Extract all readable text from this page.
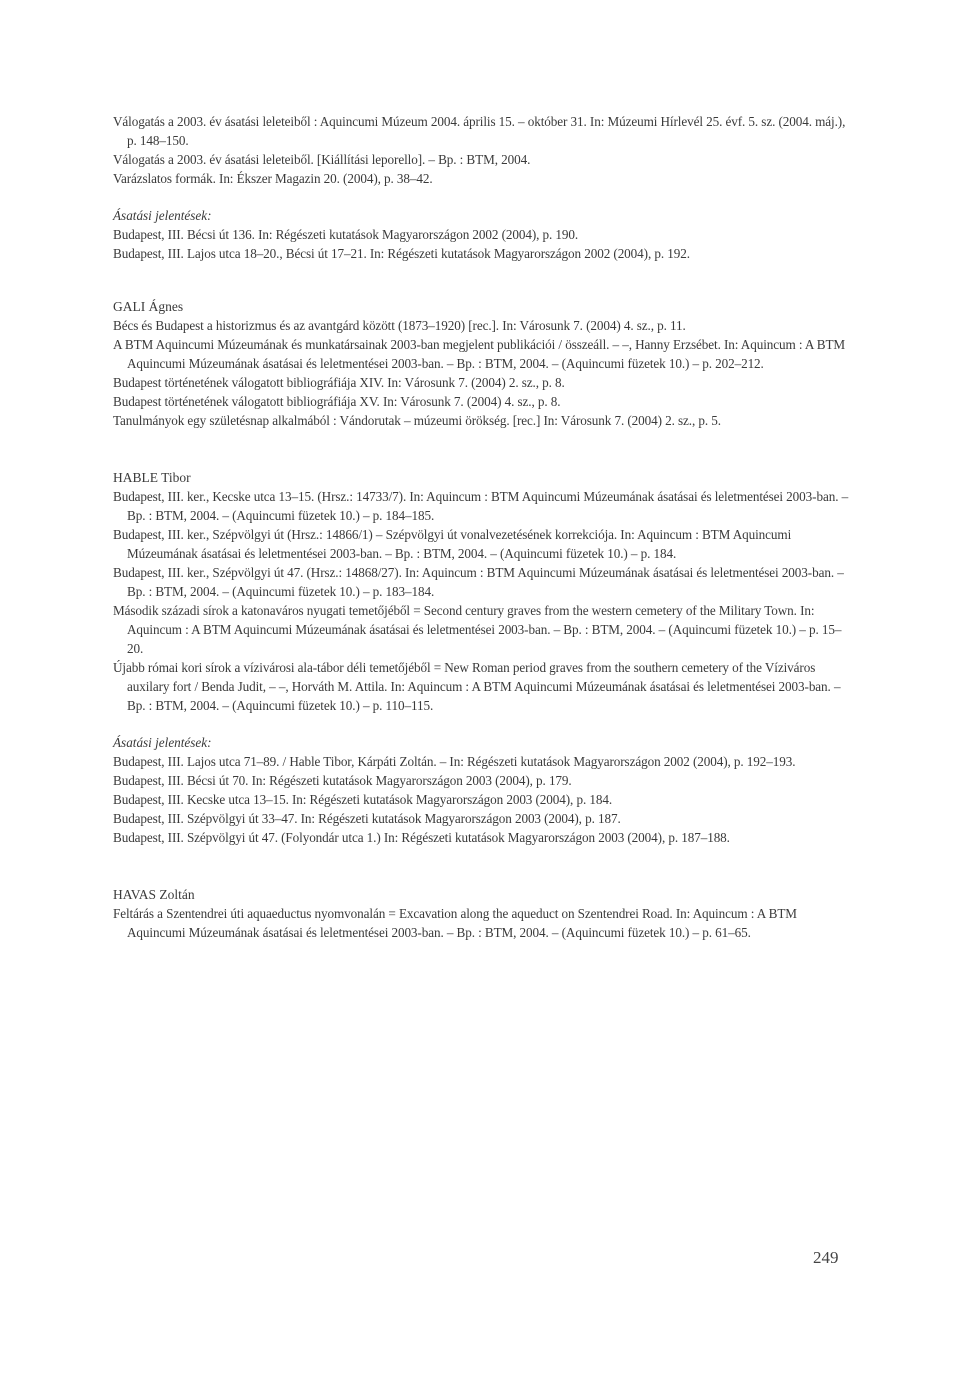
Válogatás a 2003. év ásatási leleteiből : Aquincumi Múzeum 2004. április 15. – október 31. In: Múzeumi Hírlevél 25. évf. 5. sz. (2004. máj.), p. 148–150.

Válogatás a 2003. év ásatási leleteiből. [Kiállítási leporello]. – Bp. : BTM, 2004.

Varázslatos formák. In: Ékszer Magazin 20. (2004), p. 38–42.

Ásatási jelentések:

Budapest, III. Bécsi út 136. In: Régészeti kutatások Magyarországon 2002 (2004), p. 190.

Budapest, III. Lajos utca 18–20., Bécsi út 17–21. In: Régészeti kutatások Magyarországon 2002 (2004), p. 192.

GALI Ágnes

Bécs és Budapest a historizmus és az avantgárd között (1873–1920) [rec.]. In: Városunk 7. (2004) 4. sz., p. 11.

A BTM Aquincumi Múzeumának és munkatársainak 2003-ban megjelent publikációi / összeáll. – –, Hanny Erzsébet. In: Aquincum : A BTM Aquincumi Múzeumának ásatásai és leletmentései 2003-ban. – Bp. : BTM, 2004. – (Aquincumi füzetek 10.) – p. 202–212.

Budapest történetének válogatott bibliográfiája XIV. In: Városunk 7. (2004) 2. sz., p. 8.

Budapest történetének válogatott bibliográfiája XV. In: Városunk 7. (2004) 4. sz., p. 8.

Tanulmányok egy születésnap alkalmából : Vándorutak – múzeumi örökség. [rec.] In: Városunk 7. (2004) 2. sz., p. 5.

HABLE Tibor

Budapest, III. ker., Kecske utca 13–15. (Hrsz.: 14733/7). In: Aquincum : BTM Aquincumi Múzeumának ásatásai és leletmentései 2003-ban. – Bp. : BTM, 2004. – (Aquincumi füzetek 10.) – p. 184–185.

Budapest, III. ker., Szépvölgyi út (Hrsz.: 14866/1) – Szépvölgyi út vonalvezetésének korrekciója. In: Aquincum : BTM Aquincumi Múzeumának ásatásai és leletmentései 2003-ban. – Bp. : BTM, 2004. – (Aquincumi füzetek 10.) – p. 184.

Budapest, III. ker., Szépvölgyi út 47. (Hrsz.: 14868/27). In: Aquincum : BTM Aquincumi Múzeumának ásatásai és leletmentései 2003-ban. – Bp. : BTM, 2004. – (Aquincumi füzetek 10.) – p. 183–184.

Második századi sírok a katonaváros nyugati temetőjéből = Second century graves from the western cemetery of the Military Town. In: Aquincum : A BTM Aquincumi Múzeumának ásatásai és leletmentései 2003-ban. – Bp. : BTM, 2004. – (Aquincumi füzetek 10.) – p. 15–20.

Újabb római kori sírok a vízivárosi ala-tábor déli temetőjéből = New Roman period graves from the southern cemetery of the Víziváros auxilary fort / Benda Judit, – –, Horváth M. Attila. In: Aquincum : A BTM Aquincumi Múzeumának ásatásai és leletmentései 2003-ban. – Bp. : BTM, 2004. – (Aquincumi füzetek 10.) – p. 110–115.

Ásatási jelentések:

Budapest, III. Lajos utca 71–89. / Hable Tibor, Kárpáti Zoltán. – In: Régészeti kutatások Magyarországon 2002 (2004), p. 192–193.

Budapest, III. Bécsi út 70. In: Régészeti kutatások Magyarországon 2003 (2004), p. 179.

Budapest, III. Kecske utca 13–15. In: Régészeti kutatások Magyarországon 2003 (2004), p. 184.

Budapest, III. Szépvölgyi út 33–47. In: Régészeti kutatások Magyarországon 2003 (2004), p. 187.

Budapest, III. Szépvölgyi út 47. (Folyondár utca 1.) In: Régészeti kutatások Magyarországon 2003 (2004), p. 187–188.

HAVAS Zoltán

Feltárás a Szentendrei úti aquaeductus nyomvonalán = Excavation along the aqueduct on Szentendrei Road. In: Aquincum : A BTM Aquincumi Múzeumának ásatásai és leletmentései 2003-ban. – Bp. : BTM, 2004. – (Aquincumi füzetek 10.) – p. 61–65.

249
